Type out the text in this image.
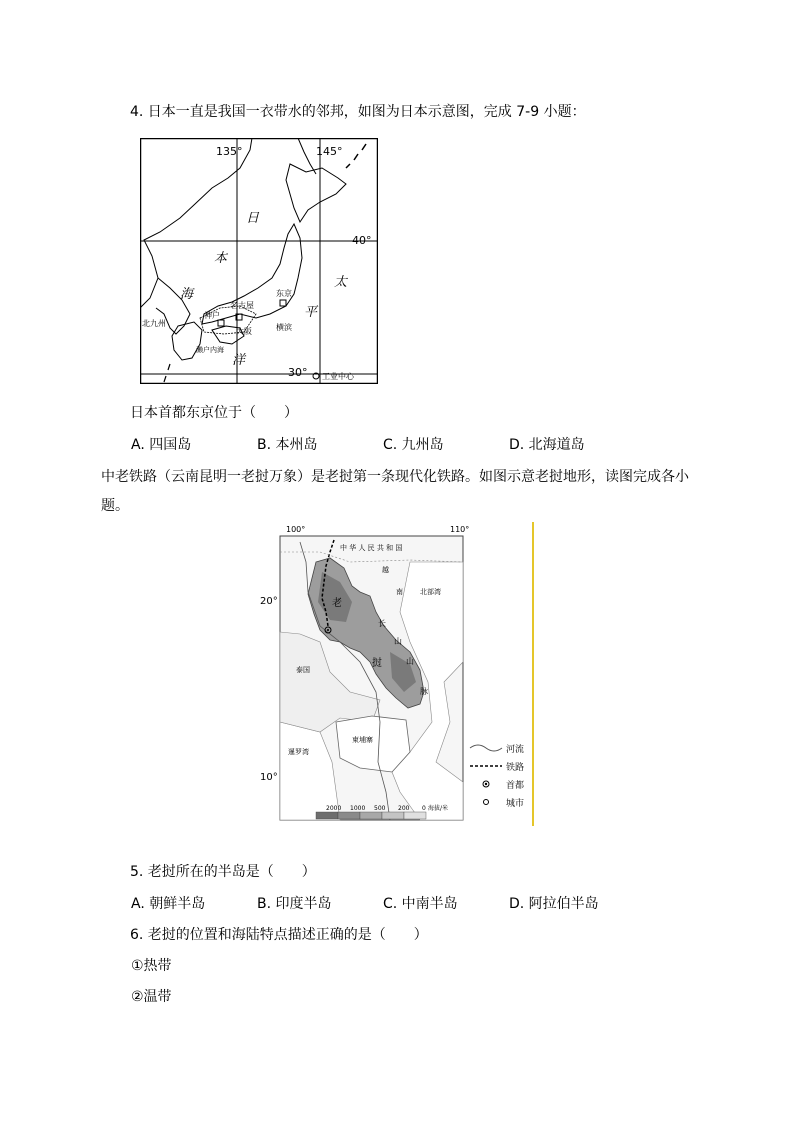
4. 日本一直是我国一衣带水的邻邦，如图为日本示意图，完成 7-9 小题：
135°	145°
40°
30°
日
本
海
太
平
洋
东京
名古屋
神户
大阪
北九州
濑户内海
横滨
工业中心
日本首都东京位于（　　）
A. 四国岛	B. 本州岛	C. 九州岛	D. 北海道岛
中老铁路（云南昆明一老挝万象）是老挝第一条现代化铁路。如图示意老挝地形，读图完成各小
题。
100°	110°
20°
10°
中 华 人 民 共 和 国
越
南
老
挝
泰国
柬埔寨
北部湾
暹罗湾
长
山
山
脉
河流
铁路
首都
城市
2000 1000 500 200 0 海拔/米
5. 老挝所在的半岛是（　　）
A. 朝鲜半岛	B. 印度半岛	C. 中南半岛	D. 阿拉伯半岛
6. 老挝的位置和海陆特点描述正确的是（　　）
①热带
②温带
